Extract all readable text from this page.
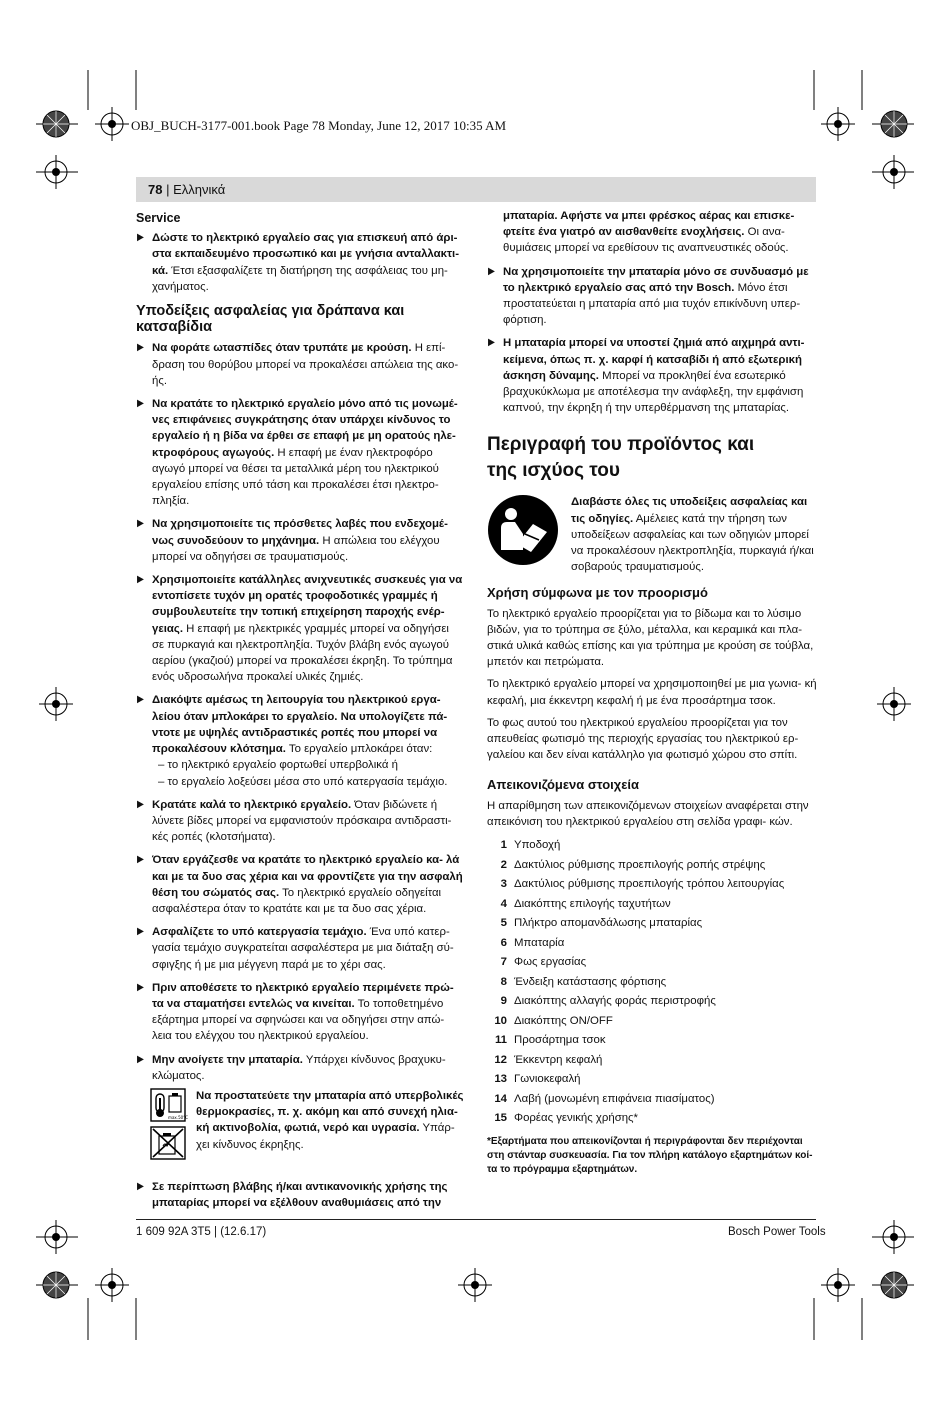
OBJ_BUCH-3177-001.book Page 78 Monday, June 12, 2017 10:35 AM
78 | Ελληνικά
Service
▶ Δώστε το ηλεκτρικό εργαλείο σας για επισκευή από άρι- στα εκπαιδευμένο προσωπικό και με γνήσια ανταλλακτι- κά. Έτσι εξασφαλίζετε τη διατήρηση της ασφάλειας του μη- χανήματος.
Υποδείξεις ασφαλείας για δράπανα και κατσαβίδια
▶ Να φοράτε ωτασπίδες όταν τρυπάτε με κρούση. Η επί- δραση του θορύβου μπορεί να προκαλέσει απώλεια της ακο- ής.
▶ Να κρατάτε το ηλεκτρικό εργαλείο μόνο από τις μονωμέ- νες επιφάνειες συγκράτησης όταν υπάρχει κίνδυνος το εργαλείο ή η βίδα να έρθει σε επαφή με μη ορατούς ηλε- κτροφόρους αγωγούς. Η επαφή με έναν ηλεκτροφόρο αγωγό μπορεί να θέσει τα μεταλλικά μέρη του ηλεκτρικού εργαλείου επίσης υπό τάση και προκαλέσει έτσι ηλεκτρο- πληξία.
▶ Να χρησιμοποιείτε τις πρόσθετες λαβές που ενδεχομέ- νως συνοδεύουν το μηχάνημα. Η απώλεια του ελέγχου μπορεί να οδηγήσει σε τραυματισμούς.
▶ Χρησιμοποιείτε κατάλληλες ανιχνευτικές συσκευές για να εντοπίσετε τυχόν μη ορατές τροφοδοτικές γραμμές ή συμβουλευτείτε την τοπική επιχείρηση παροχής ενέρ- γειας. Η επαφή με ηλεκτρικές γραμμές μπορεί να οδηγήσει σε πυρκαγιά και ηλεκτροπληξία. Τυχόν βλάβη ενός αγωγού αερίου (γκαζιού) μπορεί να προκαλέσει έκρηξη. Το τρύπημα ενός υδροσωλήνα προκαλεί υλικές ζημιές.
▶ Διακόψτε αμέσως τη λειτουργία του ηλεκτρικού εργα- λείου όταν μπλοκάρει το εργαλείο. Να υπολογίζετε πά- ντοτε με υψηλές αντιδραστικές ροπές που μπορεί να προκαλέσουν κλότσημα. Το εργαλείο μπλοκάρει όταν:
– το ηλεκτρικό εργαλείο φορτωθεί υπερβολικά ή
– το εργαλείο λοξεύσει μέσα στο υπό κατεργασία τεμάχιο.
▶ Κρατάτε καλά το ηλεκτρικό εργαλείο. Όταν βιδώνετε ή λύνετε βίδες μπορεί να εμφανιστούν πρόσκαιρα αντιδραστι- κές ροπές (κλοτσήματα).
▶ Όταν εργάζεσθε να κρατάτε το ηλεκτρικό εργαλείο κα- λά και με τα δυο σας χέρια και να φροντίζετε για την ασφαλή θέση του σώματός σας. Το ηλεκτρικό εργαλείο οδηγείται ασφαλέστερα όταν το κρατάτε και με τα δυο σας χέρια.
▶ Ασφαλίζετε το υπό κατεργασία τεμάχιο. Ένα υπό κατερ- γασία τεμάχιο συγκρατείται ασφαλέστερα με μια διάταξη σύ- σφιγξης ή με μια μέγγενη παρά με το χέρι σας.
▶ Πριν αποθέσετε το ηλεκτρικό εργαλείο περιμένετε πρώ- τα να σταματήσει εντελώς να κινείται. Το τοποθετημένο εξάρτημα μπορεί να σφηνώσει και να οδηγήσει στην απώ- λεια του ελέγχου του ηλεκτρικού εργαλείου.
▶ Μην ανοίγετε την μπαταρία. Υπάρχει κίνδυνος βραχυκυ- κλώματος.
max.50°C
Να προστατεύετε την μπαταρία από υπερβολικές θερμοκρασίες, π. χ. ακόμη και από συνεχή ηλια- κή ακτινοβολία, φωτιά, νερό και υγρασία. Υπάρ- χει κίνδυνος έκρηξης.
▶ Σε περίπτωση βλάβης ή/και αντικανονικής χρήσης της μπαταρίας μπορεί να εξέλθουν αναθυμιάσεις από την
μπαταρία. Αφήστε να μπει φρέσκος αέρας και επισκε- φτείτε ένα γιατρό αν αισθανθείτε ενοχλήσεις. Οι ανα- θυμιάσεις μπορεί να ερεθίσουν τις αναπνευστικές οδούς.
▶ Να χρησιμοποιείτε την μπαταρία μόνο σε συνδυασμό με το ηλεκτρικό εργαλείο σας από την Bosch. Μόνο έτσι προστατεύεται η μπαταρία από μια τυχόν επικίνδυνη υπερ- φόρτιση.
▶ Η μπαταρία μπορεί να υποστεί ζημιά από αιχμηρά αντι- κείμενα, όπως π. χ. καρφί ή κατσαβίδι ή από εξωτερική άσκηση δύναμης. Μπορεί να προκληθεί ένα εσωτερικό βραχυκύκλωμα με αποτέλεσμα την ανάφλεξη, την εμφάνιση καπνού, την έκρηξη ή την υπερθέρμανση της μπαταρίας.
Περιγραφή του προϊόντος και της ισχύος του
Διαβάστε όλες τις υποδείξεις ασφαλείας και τις οδηγίες. Αμέλειες κατά την τήρηση των υποδείξεων ασφαλείας και των οδηγιών μπορεί να προκαλέσουν ηλεκτροπληξία, πυρκαγιά ή/και σοβαρούς τραυματισμούς.
Χρήση σύμφωνα με τον προορισμό

Το ηλεκτρικό εργαλείο προορίζεται για το βίδωμα και το λύσιμο βιδών, για το τρύπημα σε ξύλο, μέταλλα, και κεραμικά και πλα- στικά υλικά καθώς επίσης και για τρύπημα με κρούση σε τούβλα, μπετόν και πετρώματα.

Το ηλεκτρικό εργαλείο μπορεί να χρησιμοποιηθεί με μια γωνια- κή κεφαλή, μια έκκεντρη κεφαλή ή με ένα προσάρτημα τσοκ.

Το φως αυτού του ηλεκτρικού εργαλείου προορίζεται για τον απευθείας φωτισμό της περιοχής εργασίας του ηλεκτρικού ερ- γαλείου και δεν είναι κατάλληλο για φωτισμό χώρου στο σπίτι.

Απεικονιζόμενα στοιχεία

Η απαρίθμηση των απεικονιζόμενων στοιχείων αναφέρεται στην απεικόνιση του ηλεκτρικού εργαλείου στη σελίδα γραφι- κών.

1 Υποδοχή
2 Δακτύλιος ρύθμισης προεπιλογής ροπής στρέψης
3 Δακτύλιος ρύθμισης προεπιλογής τρόπου λειτουργίας
4 Διακόπτης επιλογής ταχυτήτων
5 Πλήκτρο απομανδάλωσης μπαταρίας
6 Μπαταρία
7 Φως εργασίας
8 Ένδειξη κατάστασης φόρτισης
9 Διακόπτης αλλαγής φοράς περιστροφής
10 Διακόπτης ON/OFF
11 Προσάρτημα τσοκ
12 Έκκεντρη κεφαλή
13 Γωνιοκεφαλή
14 Λαβή (μονωμένη επιφάνεια πιασίματος)
15 Φορέας γενικής χρήσης*
*Εξαρτήματα που απεικονίζονται ή περιγράφονται δεν περιέχονται στη στάνταρ συσκευασία. Για τον πλήρη κατάλογο εξαρτημάτων κοί- τα το πρόγραμμα εξαρτημάτων.
1 609 92A 3T5 | (12.6.17)	Bosch Power Tools
